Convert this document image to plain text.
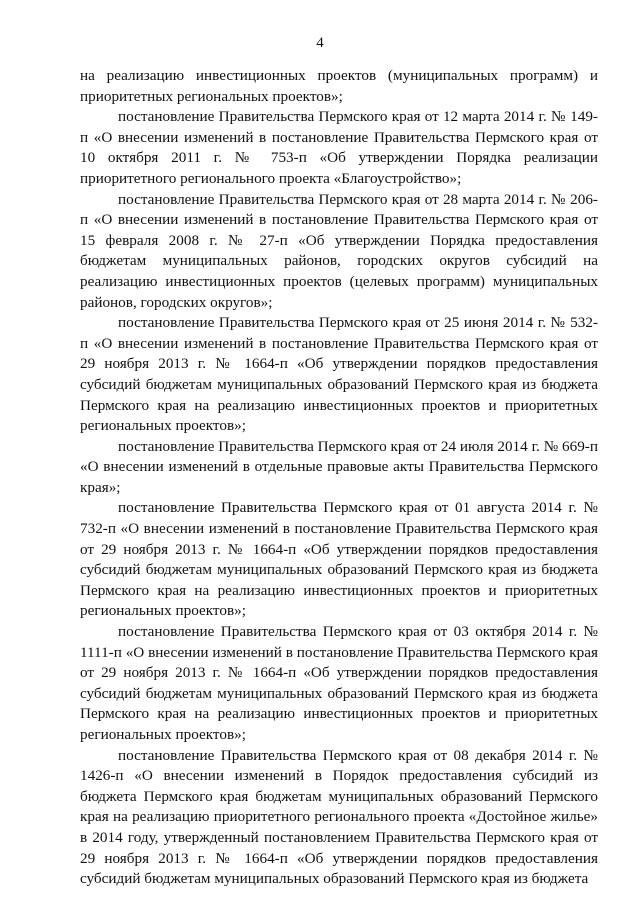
4

на реализацию инвестиционных проектов (муниципальных программ) и приоритетных региональных проектов»;

постановление Правительства Пермского края от 12 марта 2014 г. № 149-п «О внесении изменений в постановление Правительства Пермского края от 10 октября 2011 г. № 753-п «Об утверждении Порядка реализации приоритетного регионального проекта «Благоустройство»;

постановление Правительства Пермского края от 28 марта 2014 г. № 206-п «О внесении изменений в постановление Правительства Пермского края от 15 февраля 2008 г. № 27-п «Об утверждении Порядка предоставления бюджетам муниципальных районов, городских округов субсидий на реализацию инвестиционных проектов (целевых программ) муниципальных районов, городских округов»;

постановление Правительства Пермского края от 25 июня 2014 г. № 532-п «О внесении изменений в постановление Правительства Пермского края от 29 ноября 2013 г. № 1664-п «Об утверждении порядков предоставления субсидий бюджетам муниципальных образований Пермского края из бюджета Пермского края на реализацию инвестиционных проектов и приоритетных региональных проектов»;

постановление Правительства Пермского края от 24 июля 2014 г. № 669-п «О внесении изменений в отдельные правовые акты Правительства Пермского края»;

постановление Правительства Пермского края от 01 августа 2014 г. № 732-п «О внесении изменений в постановление Правительства Пермского края от 29 ноября 2013 г. № 1664-п «Об утверждении порядков предоставления субсидий бюджетам муниципальных образований Пермского края из бюджета Пермского края на реализацию инвестиционных проектов и приоритетных региональных проектов»;

постановление Правительства Пермского края от 03 октября 2014 г. № 1111-п «О внесении изменений в постановление Правительства Пермского края от 29 ноября 2013 г. № 1664-п «Об утверждении порядков предоставления субсидий бюджетам муниципальных образований Пермского края из бюджета Пермского края на реализацию инвестиционных проектов и приоритетных региональных проектов»;

постановление Правительства Пермского края от 08 декабря 2014 г. № 1426-п «О внесении изменений в Порядок предоставления субсидий из бюджета Пермского края бюджетам муниципальных образований Пермского края на реализацию приоритетного регионального проекта «Достойное жилье» в 2014 году, утвержденный постановлением Правительства Пермского края от 29 ноября 2013 г. № 1664-п «Об утверждении порядков предоставления субсидий бюджетам муниципальных образований Пермского края из бюджета
